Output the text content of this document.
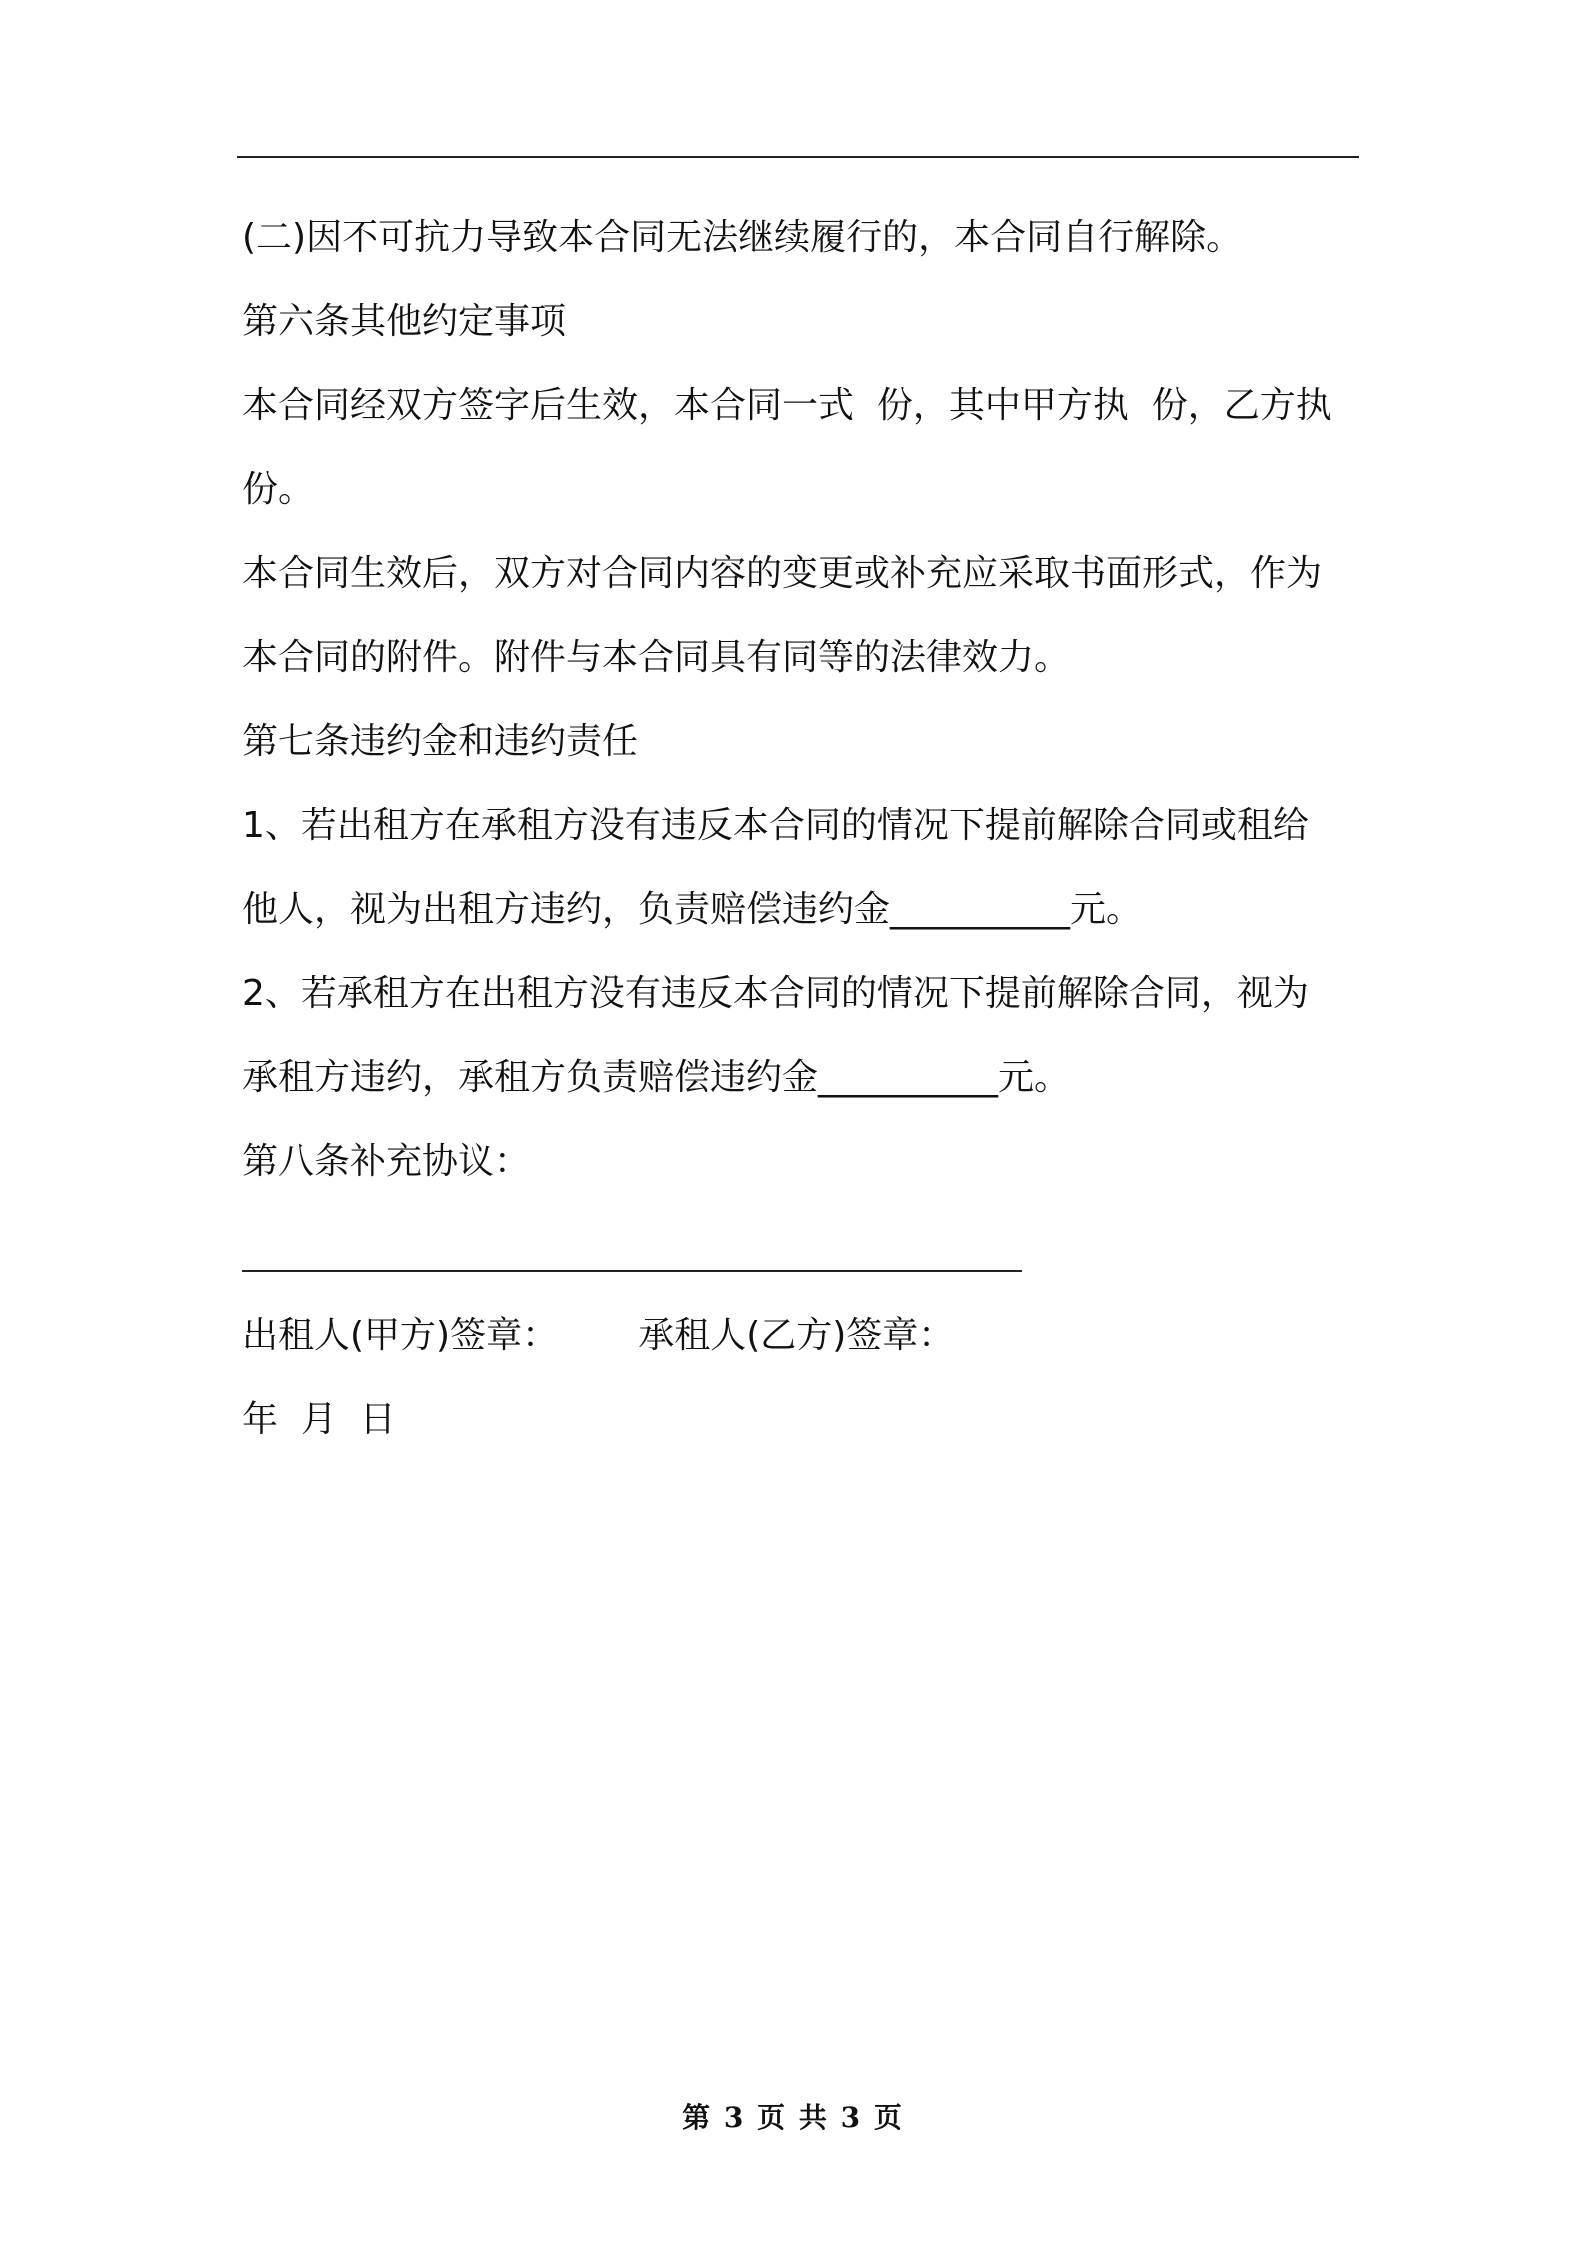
(二)因不可抗力导致本合同无法继续履行的，本合同自行解除。
第六条其他约定事项
本合同经双方签字后生效，本合同一式  份，其中甲方执  份，乙方执
份。
本合同生效后，双方对合同内容的变更或补充应采取书面形式，作为
本合同的附件。附件与本合同具有同等的法律效力。
第七条违约金和违约责任
1、若出租方在承租方没有违反本合同的情况下提前解除合同或租给
他人，视为出租方违约，负责赔偿违约金__________元。
2、若承租方在出租方没有违反本合同的情况下提前解除合同，视为
承租方违约，承租方负责赔偿违约金__________元。
第八条补充协议：
出租人(甲方)签章：       承租人(乙方)签章：
年  月  日
第 3 页 共 3 页
